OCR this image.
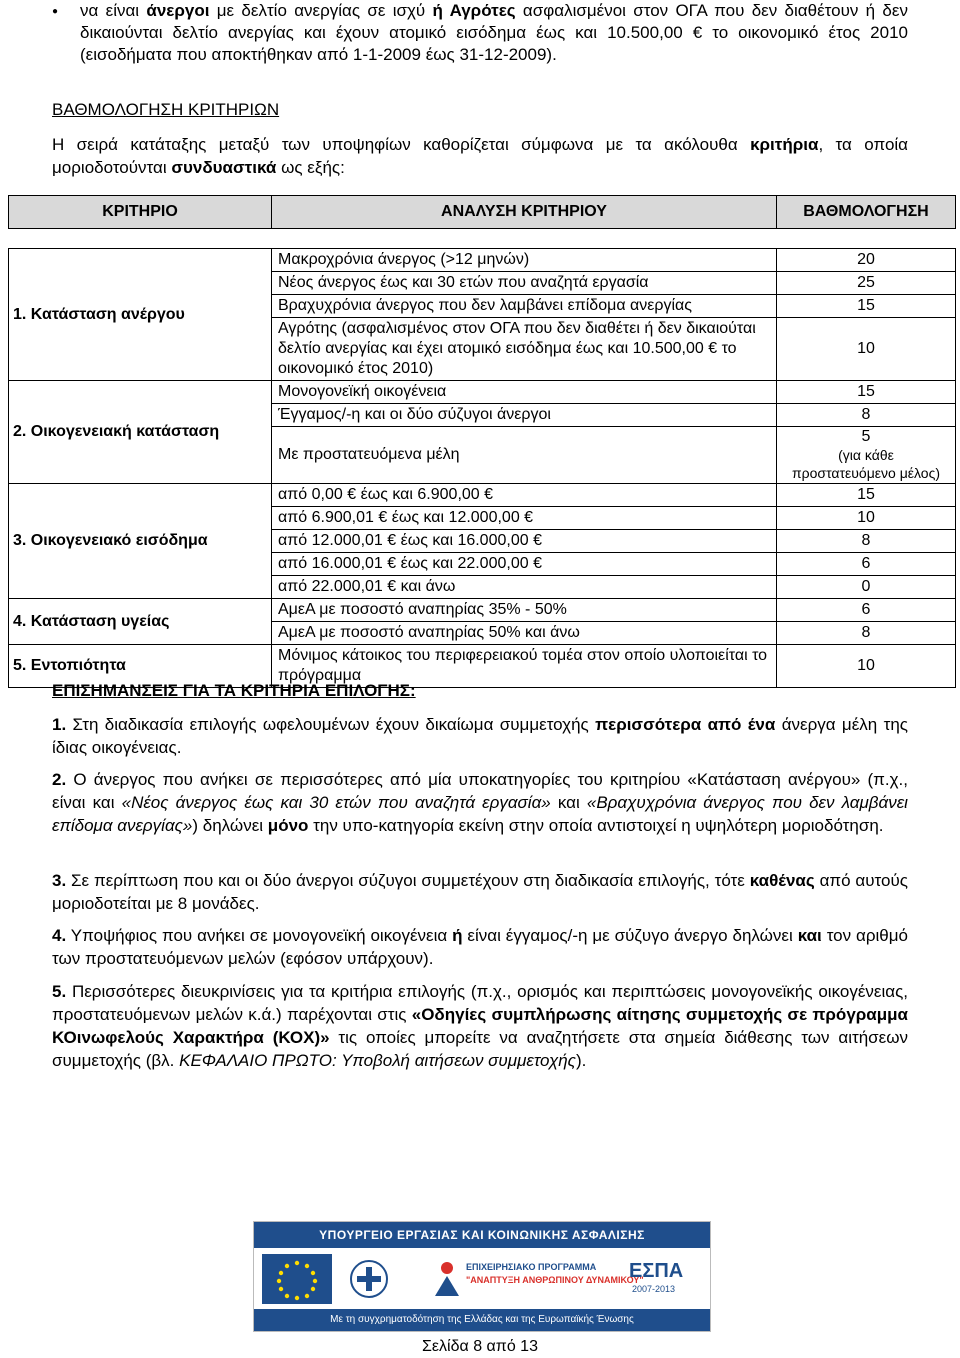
● να είναι άνεργοι με δελτίο ανεργίας σε ισχύ ή Αγρότες ασφαλισμένοι στον ΟΓΑ που δεν διαθέτουν ή δεν δικαιούνται δελτίο ανεργίας και έχουν ατομικό εισόδημα έως και 10.500,00 € το οικονομικό έτος 2010 (εισοδήματα που αποκτήθηκαν από 1-1-2009 έως 31-12-2009).
ΒΑΘΜΟΛΟΓΗΣΗ ΚΡΙΤΗΡΙΩΝ
Η σειρά κατάταξης μεταξύ των υποψηφίων καθορίζεται σύμφωνα με τα ακόλουθα κριτήρια, τα οποία μοριοδοτούνται συνδυαστικά ως εξής:
ΚΡΙΤΗΡΙΟ	ΑΝΑΛΥΣΗ ΚΡΙΤΗΡΙΟΥ	ΒΑΘΜΟΛΟΓΗΣΗ

1. Κατάσταση ανέργου	Μακροχρόνια άνεργος (>12 μηνών)	20
	Νέος άνεργος έως και 30 ετών που αναζητά εργασία	25
	Βραχυχρόνια άνεργος που δεν λαμβάνει επίδομα ανεργίας	15
	Αγρότης (ασφαλισμένος στον ΟΓΑ που δεν διαθέτει ή δεν δικαιούται δελτίο ανεργίας και έχει ατομικό εισόδημα έως και 10.500,00 € το οικονομικό έτος 2010)	10
2. Οικογενειακή κατάσταση	Μονογονεϊκή οικογένεια	15
	Έγγαμος/-η και οι δύο σύζυγοι άνεργοι	8
	Με προστατευόμενα μέλη	5
(για κάθε
προστατευόμενο μέλος)

3. Οικογενειακό εισόδημα	από 0,00 € έως και 6.900,00 €	15
	από 6.900,01 € έως και 12.000,00 €	10
	από 12.000,01 € έως και 16.000,00 €	8
	από 16.000,01 € έως και 22.000,00 €	6
	από 22.000,01 € και άνω	0
4. Κατάσταση υγείας	ΑμεΑ με ποσοστό αναπηρίας 35% - 50%	6
	ΑμεΑ με ποσοστό αναπηρίας 50% και άνω	8
5. Εντοπιότητα	Μόνιμος κάτοικος του περιφερειακού τομέα στον οποίο υλοποιείται το πρόγραμμα	10
ΕΠΙΣΗΜΑΝΣΕΙΣ ΓΙΑ ΤΑ ΚΡΙΤΗΡΙΑ ΕΠΙΛΟΓΗΣ:
1. Στη διαδικασία επιλογής ωφελουμένων έχουν δικαίωμα συμμετοχής περισσότερα από ένα άνεργα μέλη της ίδιας οικογένειας.
2. Ο άνεργος που ανήκει σε περισσότερες από μία υποκατηγορίες του κριτηρίου «Κατάσταση ανέργου» (π.χ., είναι και «Νέος άνεργος έως και 30 ετών που αναζητά εργασία» και «Βραχυχρόνια άνεργος που δεν λαμβάνει επίδομα ανεργίας») δηλώνει μόνο την υπο-κατηγορία εκείνη στην οποία αντιστοιχεί η υψηλότερη μοριοδότηση.
3. Σε περίπτωση που και οι δύο άνεργοι σύζυγοι συμμετέχουν στη διαδικασία επιλογής, τότε καθένας από αυτούς μοριοδοτείται με 8 μονάδες.
4. Υποψήφιος που ανήκει σε μονογονεϊκή οικογένεια ή είναι έγγαμος/-η με σύζυγο άνεργο δηλώνει και τον αριθμό των προστατευόμενων μελών (εφόσον υπάρχουν).
5. Περισσότερες διευκρινίσεις για τα κριτήρια επιλογής (π.χ., ορισμός και περιπτώσεις μονογονεϊκής οικογένειας, προστατευόμενων μελών κ.ά.) παρέχονται στις «Οδηγίες συμπλήρωσης αίτησης συμμετοχής σε πρόγραμμα ΚΟινωφελούς Χαρακτήρα (ΚΟΧ)» τις οποίες μπορείτε να αναζητήσετε στα σημεία διάθεσης των αιτήσεων συμμετοχής (βλ. ΚΕΦΑΛΑΙΟ ΠΡΩΤΟ: Υποβολή αιτήσεων συμμετοχής).
ΥΠΟΥΡΓΕΙΟ ΕΡΓΑΣΙΑΣ ΚΑΙ ΚΟΙΝΩΝΙΚΗΣ ΑΣΦΑΛΙΣΗΣ
ΕΠΙΧΕΙΡΗΣΙΑΚΟ ΠΡΟΓΡΑΜΜΑ
"ΑΝΑΠΤΥΞΗ ΑΝΘΡΩΠΙΝΟΥ ΔΥΝΑΜΙΚΟΥ"
ΕΣΠΑ
2007-2013
Με τη συγχρηματοδότηση της Ελλάδας και της Ευρωπαϊκής Ένωσης
Σελίδα 8 από 13
